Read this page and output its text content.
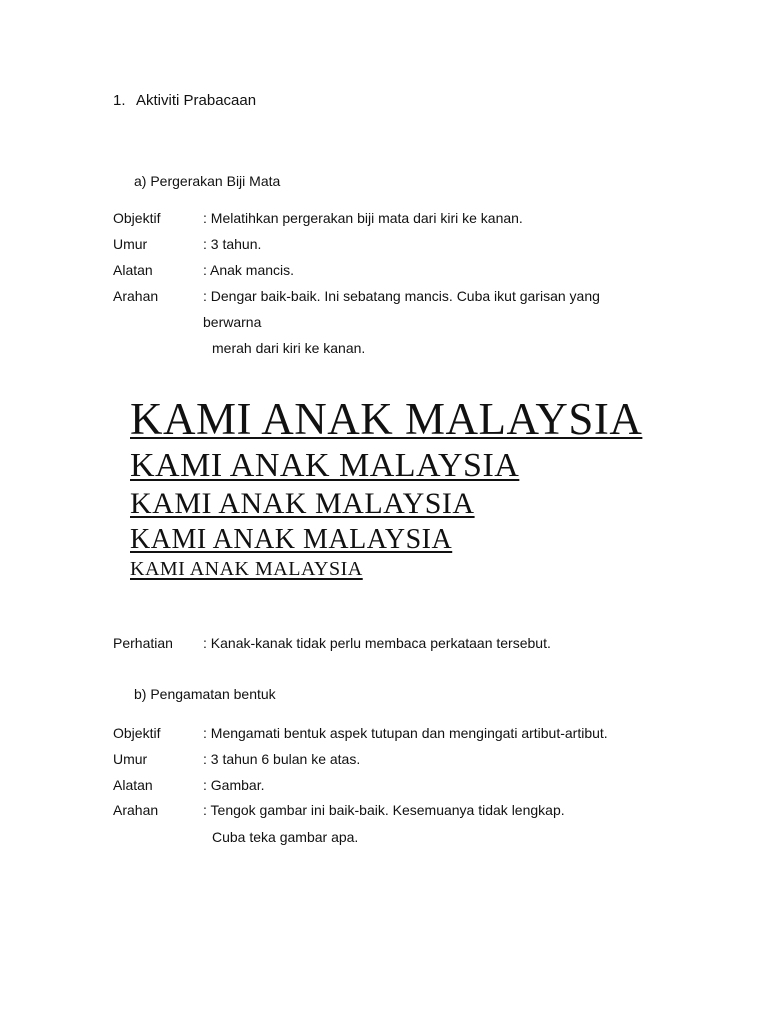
1. Aktiviti Prabacaan
a) Pergerakan Biji Mata
Objektif	: Melatihkan pergerakan biji mata dari kiri ke kanan.
Umur	: 3 tahun.
Alatan	: Anak mancis.
Arahan	: Dengar baik-baik. Ini sebatang mancis. Cuba ikut garisan yang
berwarna
merah dari kiri ke kanan.
KAMI ANAK MALAYSIA
KAMI ANAK MALAYSIA
KAMI ANAK MALAYSIA
KAMI ANAK MALAYSIA
KAMI ANAK MALAYSIA
Perhatian : Kanak-kanak tidak perlu membaca perkataan tersebut.
b) Pengamatan bentuk
Objektif	: Mengamati bentuk aspek tutupan dan mengingati artibut-artibut.
Umur	: 3 tahun 6 bulan ke atas.
Alatan	: Gambar.
Arahan	: Tengok gambar ini baik-baik. Kesemuanya tidak lengkap.
Cuba teka gambar apa.
